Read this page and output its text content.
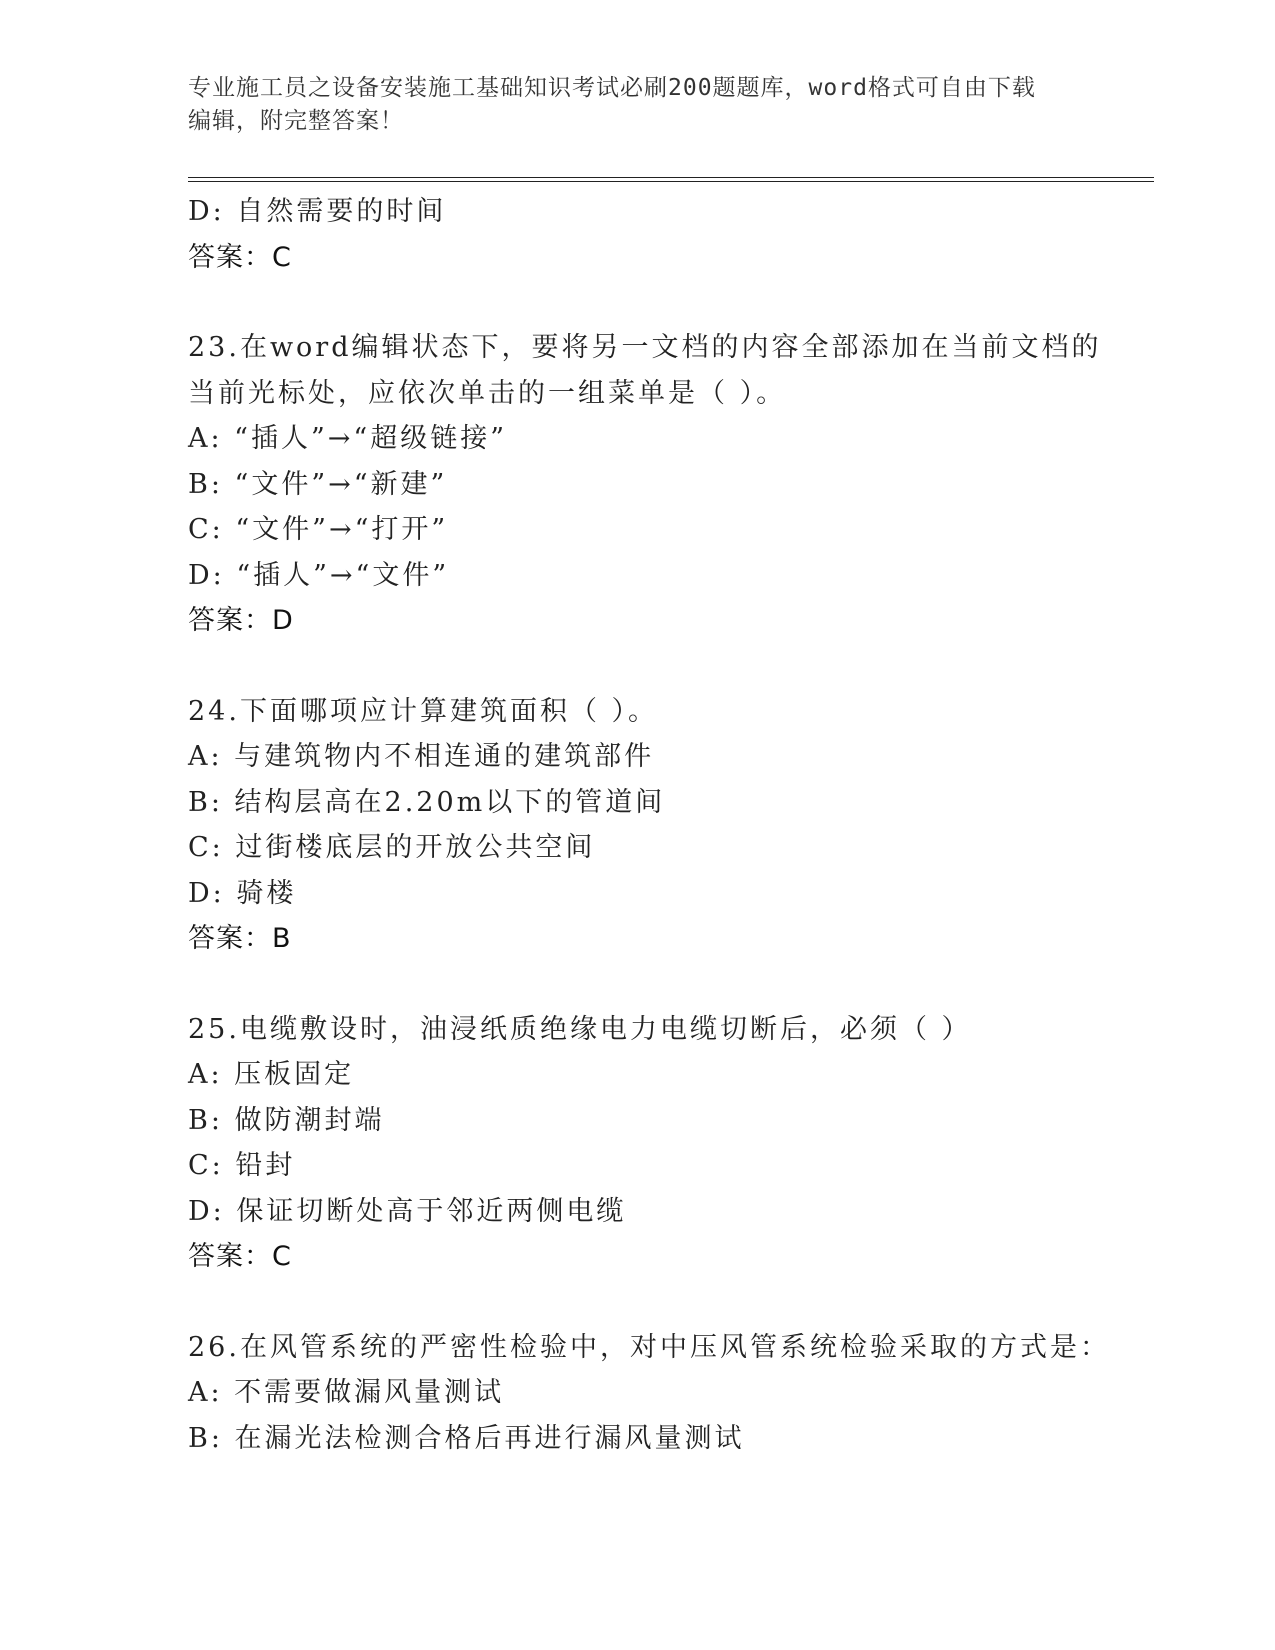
专业施工员之设备安装施工基础知识考试必刷200题题库，word格式可自由下载
编辑，附完整答案！
D: 自然需要的时间
答案：C
23.在word编辑状态下，要将另一文档的内容全部添加在当前文档的
当前光标处，应依次单击的一组菜单是（ ）。
A: “插人”→“超级链接”
B: “文件”→“新建”
C: “文件”→“打开”
D: “插人”→“文件”
答案：D
24.下面哪项应计算建筑面积（ ）。
A: 与建筑物内不相连通的建筑部件
B: 结构层高在2.20m以下的管道间
C: 过街楼底层的开放公共空间
D: 骑楼
答案：B
25.电缆敷设时，油浸纸质绝缘电力电缆切断后，必须（ ）
A: 压板固定
B: 做防潮封端
C: 铅封
D: 保证切断处高于邻近两侧电缆
答案：C
26.在风管系统的严密性检验中，对中压风管系统检验采取的方式是：
A: 不需要做漏风量测试
B: 在漏光法检测合格后再进行漏风量测试
